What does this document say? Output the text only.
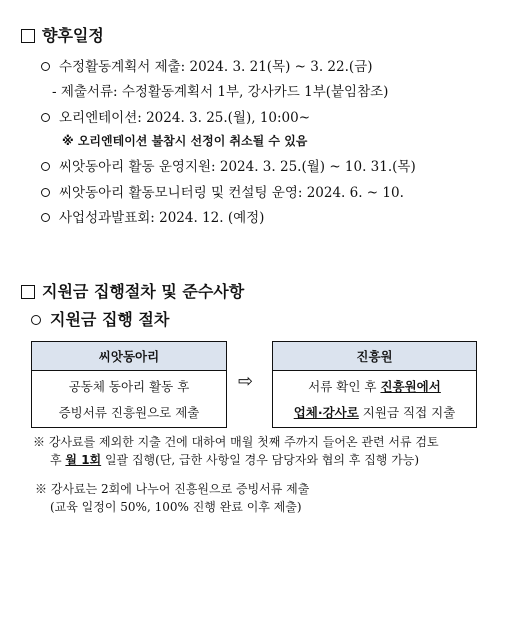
향후일정
수정활동계획서 제출: 2024. 3. 21(목) ~ 3. 22.(금)
- 제출서류: 수정활동계획서 1부, 강사카드 1부(붙임참조)
오리엔테이션: 2024. 3. 25.(월), 10:00~
※ 오리엔테이션 불참시 선정이 취소될 수 있음
씨앗동아리 활동 운영지원: 2024. 3. 25.(월) ~ 10. 31.(목)
씨앗동아리 활동모니터링 및 컨설팅 운영: 2024. 6. ~ 10.
사업성과발표회: 2024. 12. (예정)
지원금 집행절차 및 준수사항
지원금 집행 절차
씨앗동아리
공동체 동아리 활동 후
증빙서류 진흥원으로 제출
⇨
진흥원
서류 확인 후 진흥원에서
업체·강사로 지원금 직접 지출
※ 강사료를 제외한 지출 건에 대하여 매월 첫째 주까지 들어온 관련 서류 검토
후 월 1회 일괄 집행(단, 급한 사항일 경우 담당자와 협의 후 집행 가능)
※ 강사료는 2회에 나누어 진흥원으로 증빙서류 제출
(교육 일정이 50%, 100% 진행 완료 이후 제출)
